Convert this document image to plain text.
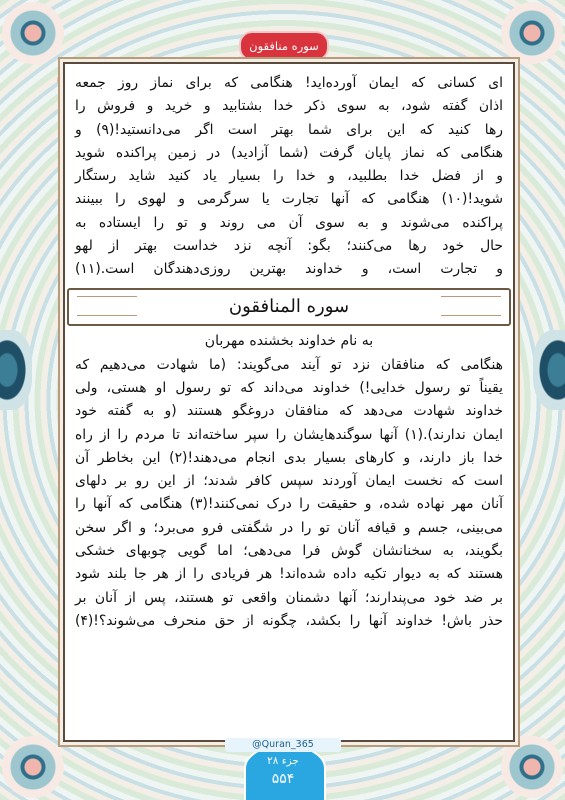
سوره منافقون

ای کسانی که ایمان آورده‌اید! هنگامی که برای نماز روز جمعه

اذان گفته شود، به سوی ذکر خدا بشتابید و خرید و فروش را

رها کنید که این برای شما بهتر است اگر می‌دانستید!(۹) و

هنگامی که نماز پایان گرفت (شما آزادید) در زمین پراکنده شوید

و از فضل خدا بطلبید، و خدا را بسیار یاد کنید شاید رستگار

شوید!(۱۰) هنگامی که آنها تجارت یا سرگرمی و لهوی را ببینند

پراکنده می‌شوند و به سوی آن می روند و تو را ایستاده به

حال خود رها می‌کنند؛ بگو: آنچه نزد خداست بهتر از لهو

و تجارت است، و خداوند بهترین روزی‌دهندگان است.(۱۱)

سوره المنافقون
به نام خداوند بخشنده مهربان

هنگامی که منافقان نزد تو آیند می‌گویند: (ما شهادت می‌دهیم که

یقیناً تو رسول خدایی!) خداوند می‌داند که تو رسول او هستی، ولی

خداوند شهادت می‌دهد که منافقان دروغگو هستند (و به گفته خود

ایمان ندارند).(۱) آنها سوگندهایشان را سپر ساخته‌اند تا مردم را از راه

خدا باز دارند، و کارهای بسیار بدی انجام می‌دهند!(۲) این بخاطر آن

است که نخست ایمان آوردند سپس کافر شدند؛ از این رو بر دلهای

آنان مهر نهاده شده، و حقیقت را درک نمی‌کنند!(۳) هنگامی که آنها را

می‌بینی، جسم و قیافه آنان تو را در شگفتی فرو می‌برد؛ و اگر سخن

بگویند، به سخنانشان گوش فرا می‌دهی؛ اما گویی چوبهای خشکی

هستند که به دیوار تکیه داده شده‌اند! هر فریادی را از هر جا بلند شود

بر ضد خود می‌پندارند؛ آنها دشمنان واقعی تو هستند، پس از آنان بر

حذر باش! خداوند آنها را بکشد، چگونه از حق منحرف می‌شوند؟!(۴)

@Quran_365
جزء ۲۸
۵۵۴
